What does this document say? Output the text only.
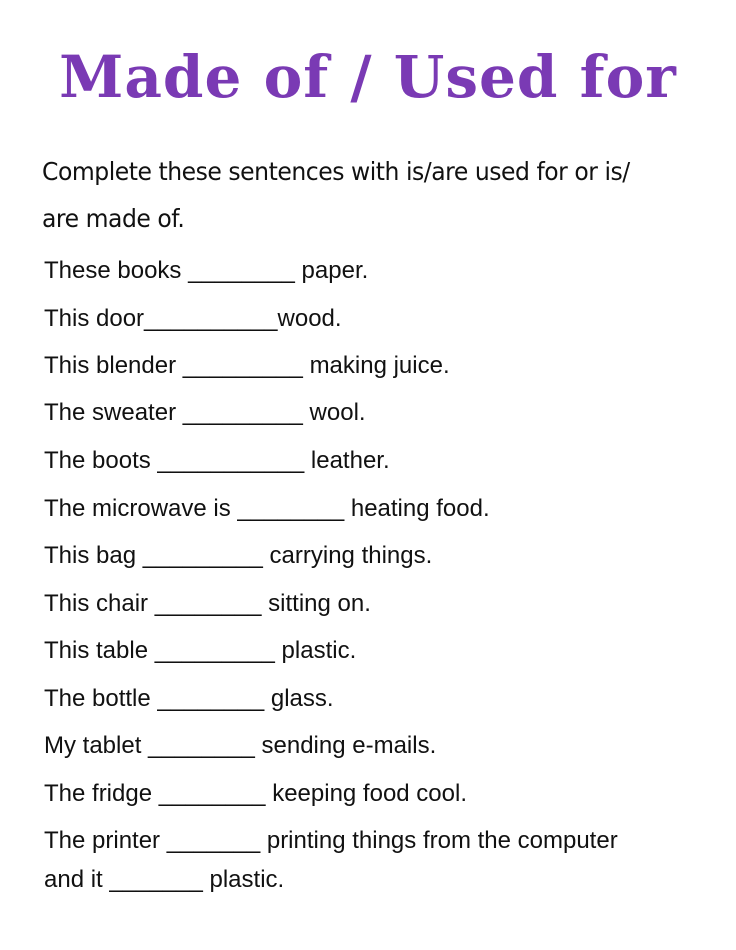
Made of / Used for
Complete these sentences with is/are used for or is/ are made of.
These books ________ paper.
This door__________wood.
This blender _________ making juice.
The sweater _________ wool.
The boots ___________ leather.
The microwave is ________ heating food.
This bag _________ carrying things.
This chair ________ sitting on.
This table _________ plastic.
The bottle ________ glass.
My tablet ________ sending e-mails.
The fridge ________ keeping food cool.
The printer _______ printing things from the computer
and it _______ plastic.
